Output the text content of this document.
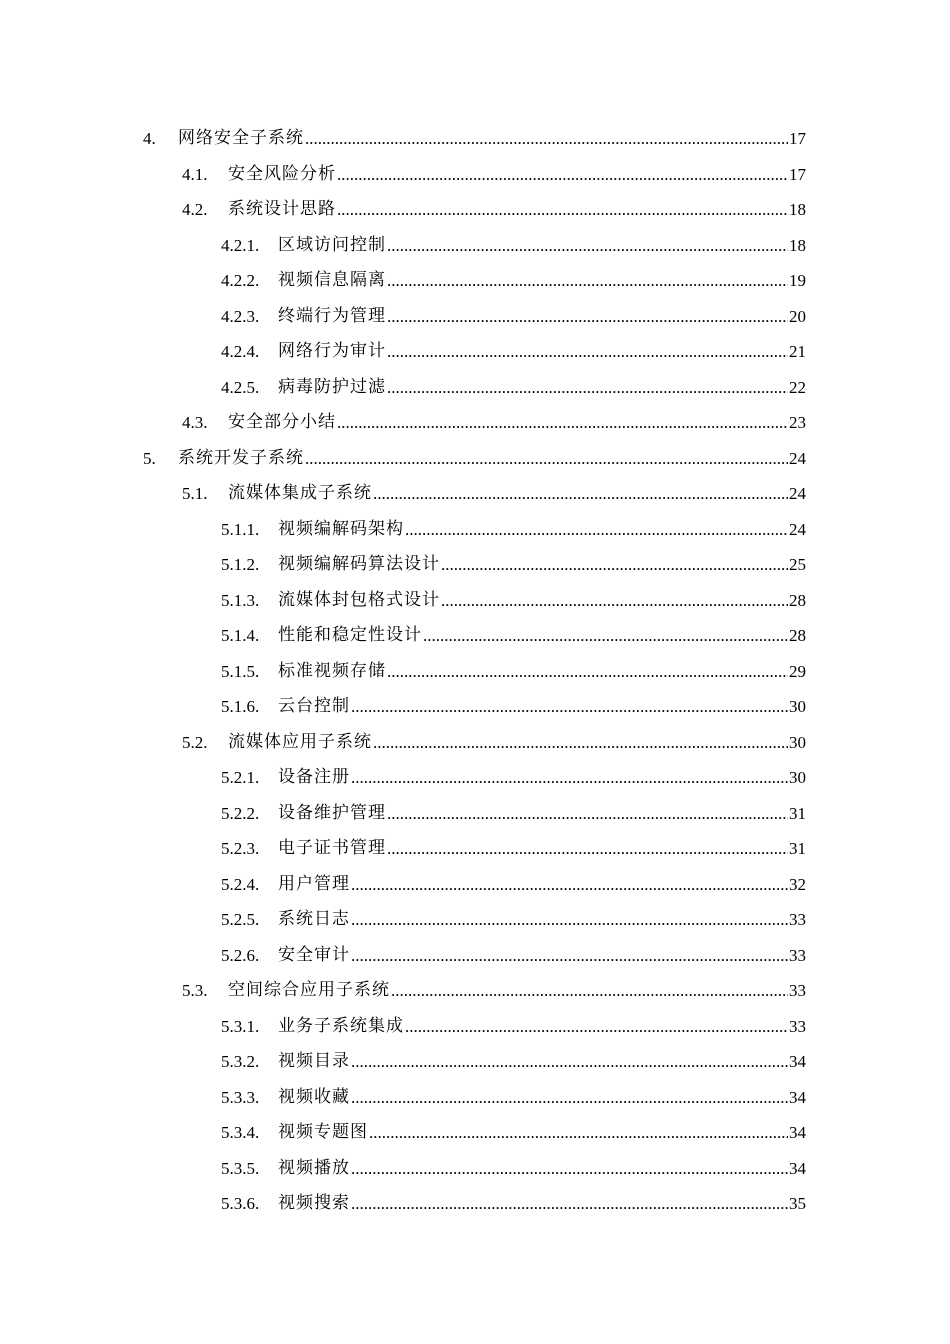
4.	网络安全子系统 .....	17
4.1.	安全风险分析 .....	17
4.2.	系统设计思路 .....	18
4.2.1.	区域访问控制 .....	18
4.2.2.	视频信息隔离 .....	19
4.2.3.	终端行为管理 .....	20
4.2.4.	网络行为审计 .....	21
4.2.5.	病毒防护过滤 .....	22
4.3.	安全部分小结 .....	23
5.	系统开发子系统 .....	24
5.1.	流媒体集成子系统 .....	24
5.1.1.	视频编解码架构 .....	24
5.1.2.	视频编解码算法设计 .....	25
5.1.3.	流媒体封包格式设计 .....	28
5.1.4.	性能和稳定性设计 .....	28
5.1.5.	标准视频存储 .....	29
5.1.6.	云台控制 .....	30
5.2.	流媒体应用子系统 .....	30
5.2.1.	设备注册 .....	30
5.2.2.	设备维护管理 .....	31
5.2.3.	电子证书管理 .....	31
5.2.4.	用户管理 .....	32
5.2.5.	系统日志 .....	33
5.2.6.	安全审计 .....	33
5.3.	空间综合应用子系统 .....	33
5.3.1.	业务子系统集成 .....	33
5.3.2.	视频目录 .....	34
5.3.3.	视频收藏 .....	34
5.3.4.	视频专题图 .....	34
5.3.5.	视频播放 .....	34
5.3.6.	视频搜索 .....	35
